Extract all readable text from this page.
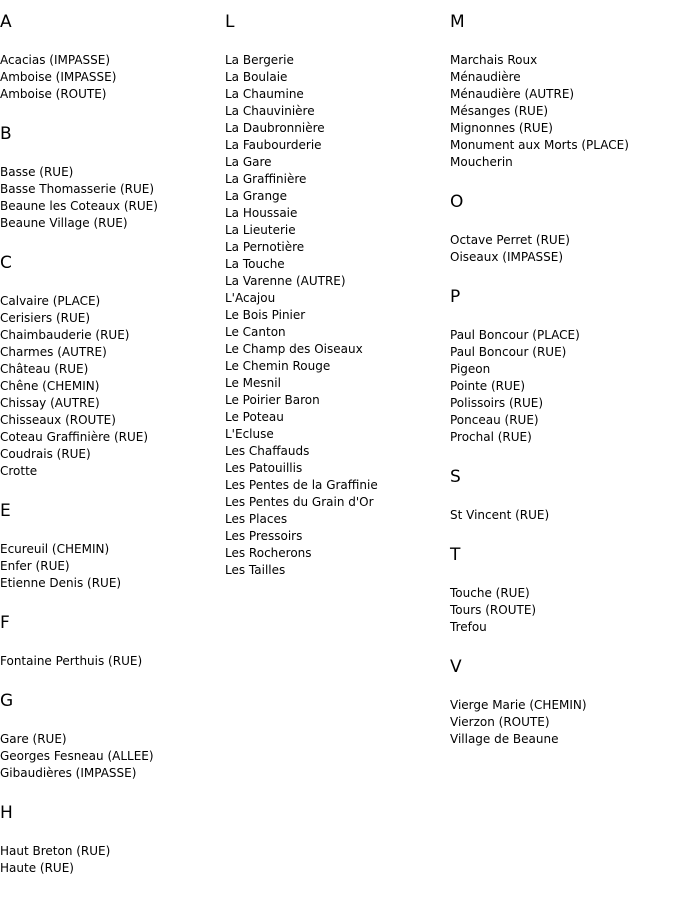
A
Acacias (IMPASSE)
Amboise (IMPASSE)
Amboise (ROUTE)
B
Basse (RUE)
Basse Thomasserie (RUE)
Beaune les Coteaux (RUE)
Beaune Village (RUE)
C
Calvaire (PLACE)
Cerisiers (RUE)
Chaimbauderie (RUE)
Charmes (AUTRE)
Château (RUE)
Chêne (CHEMIN)
Chissay (AUTRE)
Chisseaux (ROUTE)
Coteau Graffinière (RUE)
Coudrais (RUE)
Crotte
E
Ecureuil (CHEMIN)
Enfer (RUE)
Etienne Denis (RUE)
F
Fontaine Perthuis (RUE)
G
Gare (RUE)
Georges Fesneau (ALLEE)
Gibaudières (IMPASSE)
H
Haut Breton (RUE)
Haute (RUE)
L
La Bergerie
La Boulaie
La Chaumine
La Chauvinière
La Daubronnière
La Faubourderie
La Gare
La Graffinière
La Grange
La Houssaie
La Lieuterie
La Pernotière
La Touche
La Varenne (AUTRE)
L'Acajou
Le Bois Pinier
Le Canton
Le Champ des Oiseaux
Le Chemin Rouge
Le Mesnil
Le Poirier Baron
Le Poteau
L'Ecluse
Les Chaffauds
Les Patouillis
Les Pentes de la Graffinie
Les Pentes du Grain d'Or
Les Places
Les Pressoirs
Les Rocherons
Les Tailles
M
Marchais Roux
Ménaudière
Ménaudière (AUTRE)
Mésanges (RUE)
Mignonnes (RUE)
Monument aux Morts (PLACE)
Moucherin
O
Octave Perret (RUE)
Oiseaux (IMPASSE)
P
Paul Boncour (PLACE)
Paul Boncour (RUE)
Pigeon
Pointe (RUE)
Polissoirs (RUE)
Ponceau (RUE)
Prochal (RUE)
S
St Vincent (RUE)
T
Touche (RUE)
Tours (ROUTE)
Trefou
V
Vierge Marie (CHEMIN)
Vierzon (ROUTE)
Village de Beaune
